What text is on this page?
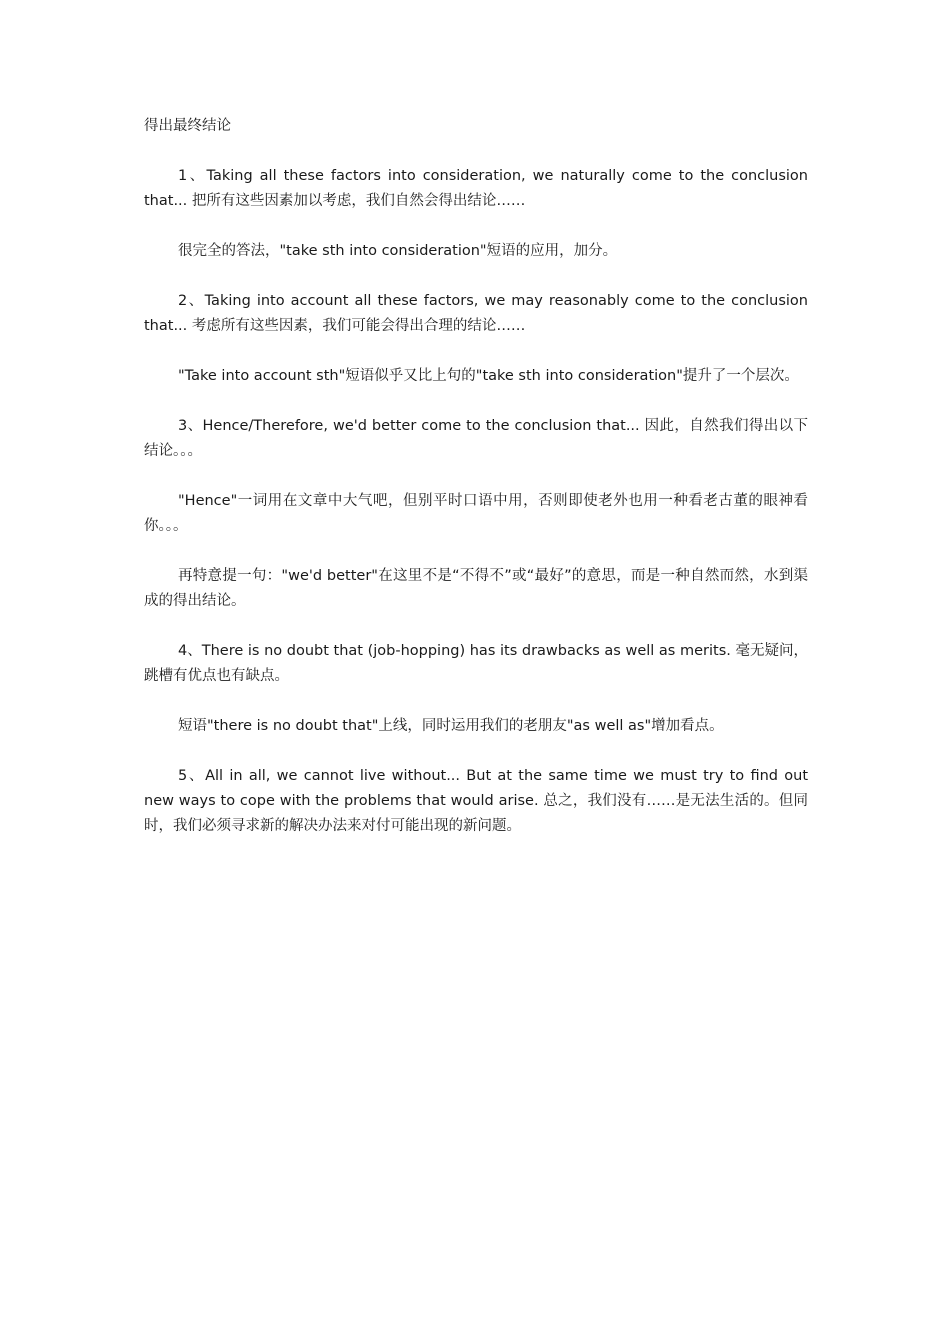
得出最终结论

1、Taking all these factors into consideration, we naturally come to the conclusion that... 把所有这些因素加以考虑，我们自然会得出结论……

很完全的答法，"take sth into consideration"短语的应用，加分。

2、Taking into account all these factors, we may reasonably come to the conclusion that... 考虑所有这些因素，我们可能会得出合理的结论……

"Take into account sth"短语似乎又比上句的"take sth into consideration"提升了一个层次。

3、Hence/Therefore, we'd better come to the conclusion that... 因此，自然我们得出以下结论。。。

"Hence"一词用在文章中大气吧，但别平时口语中用，否则即使老外也用一种看老古董的眼神看你。。。

再特意提一句："we'd better"在这里不是“不得不”或“最好”的意思，而是一种自然而然，水到渠成的得出结论。

4、There is no doubt that (job-hopping) has its drawbacks as well as merits. 毫无疑问，跳槽有优点也有缺点。

短语"there is no doubt that"上线，同时运用我们的老朋友"as well as"增加看点。

5、All in all, we cannot live without... But at the same time we must try to find out new ways to cope with the problems that would arise. 总之，我们没有……是无法生活的。但同时，我们必须寻求新的解决办法来对付可能出现的新问题。
